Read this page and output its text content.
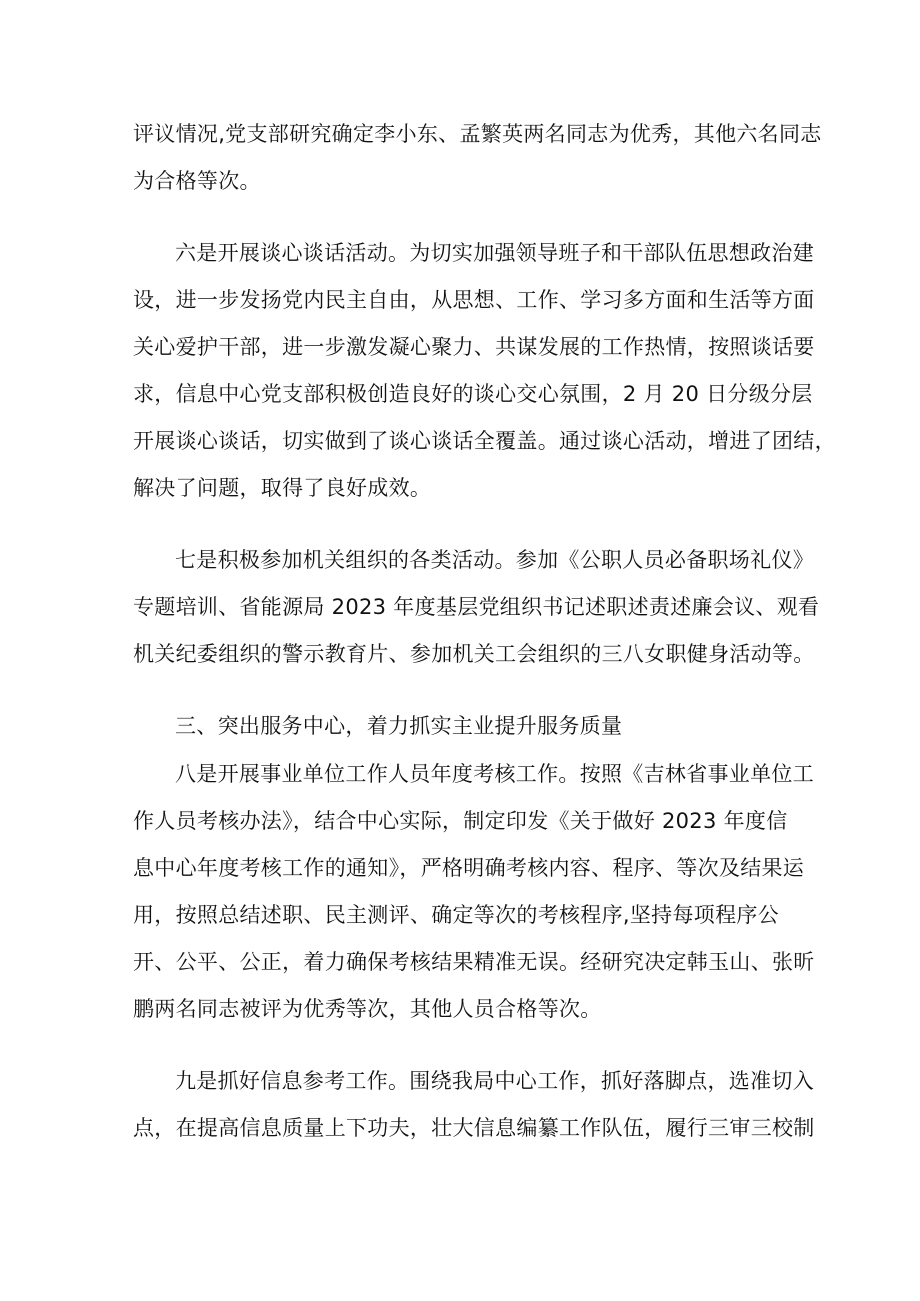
评议情况,党支部研究确定李小东、孟繁英两名同志为优秀，其他六名同志
为合格等次。
六是开展谈心谈话活动。为切实加强领导班子和干部队伍思想政治建
设，进一步发扬党内民主自由，从思想、工作、学习多方面和生活等方面
关心爱护干部，进一步激发凝心聚力、共谋发展的工作热情，按照谈话要
求，信息中心党支部积极创造良好的谈心交心氛围，2 月 20 日分级分层
开展谈心谈话，切实做到了谈心谈话全覆盖。通过谈心活动，增进了团结，
解决了问题，取得了良好成效。
七是积极参加机关组织的各类活动。参加《公职人员必备职场礼仪》
专题培训、省能源局 2023 年度基层党组织书记述职述责述廉会议、观看
机关纪委组织的警示教育片、参加机关工会组织的三八女职健身活动等。
三、突出服务中心，着力抓实主业提升服务质量
八是开展事业单位工作人员年度考核工作。按照《吉林省事业单位工
作人员考核办法》，结合中心实际，制定印发《关于做好 2023 年度信
息中心年度考核工作的通知》，严格明确考核内容、程序、等次及结果运
用，按照总结述职、民主测评、确定等次的考核程序,坚持每项程序公
开、公平、公正，着力确保考核结果精准无误。经研究决定韩玉山、张昕
鹏两名同志被评为优秀等次，其他人员合格等次。
九是抓好信息参考工作。围绕我局中心工作，抓好落脚点，选准切入
点，在提高信息质量上下功夫，壮大信息编纂工作队伍，履行三审三校制
